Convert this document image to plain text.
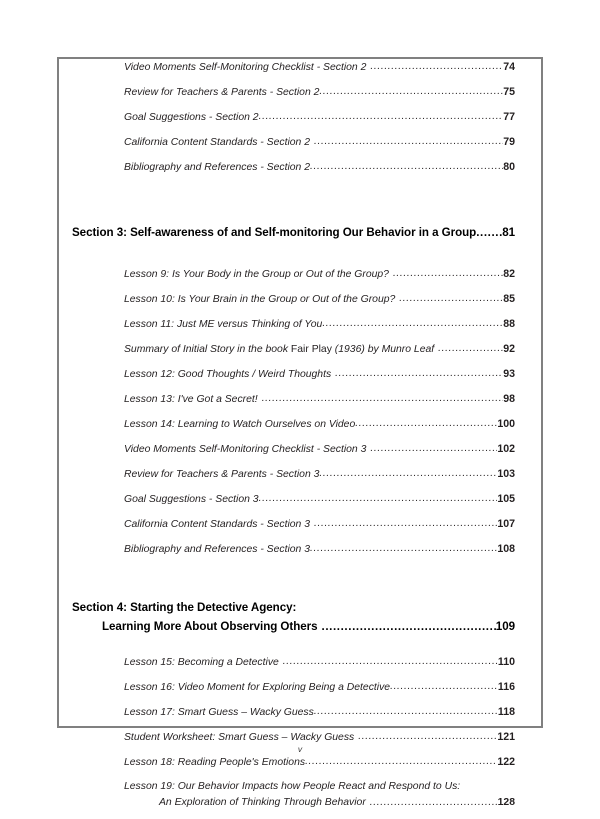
Video Moments Self-Monitoring Checklist - Section 2 .....	74
Review for Teachers & Parents - Section 2 .....	75
Goal Suggestions - Section 2 .....	77
California Content Standards - Section 2 .....	79
Bibliography and References - Section 2 .....	80
Section 3: Self-awareness of and Self-monitoring Our Behavior in a Group ..... 81
Lesson 9: Is Your Body in the Group or Out of the Group? .....	82
Lesson 10: Is Your Brain in the Group or Out of the Group? .....	85
Lesson 11: Just ME versus Thinking of You .....	88
Summary of Initial Story in the book Fair Play (1936) by Munro Leaf .....	92
Lesson 12: Good Thoughts / Weird Thoughts .....	93
Lesson 13: I've Got a Secret! .....	98
Lesson 14: Learning to Watch Ourselves on Video .....	100
Video Moments Self-Monitoring Checklist - Section 3 .....	102
Review for Teachers & Parents - Section 3 .....	103
Goal Suggestions - Section 3 .....	105
California Content Standards - Section 3 .....	107
Bibliography and References - Section 3 .....	108
Section 4: Starting the Detective Agency:
Learning More About Observing Others .....	109
Lesson 15: Becoming a Detective .....	110
Lesson 16: Video Moment for Exploring Being a Detective .....	116
Lesson 17: Smart Guess – Wacky Guess .....	118
Student Worksheet: Smart Guess – Wacky Guess .....	121
Lesson 18: Reading People's Emotions .....	122
Lesson 19: Our Behavior Impacts how People React and Respond to Us:
An Exploration of Thinking Through Behavior .....	128
v
